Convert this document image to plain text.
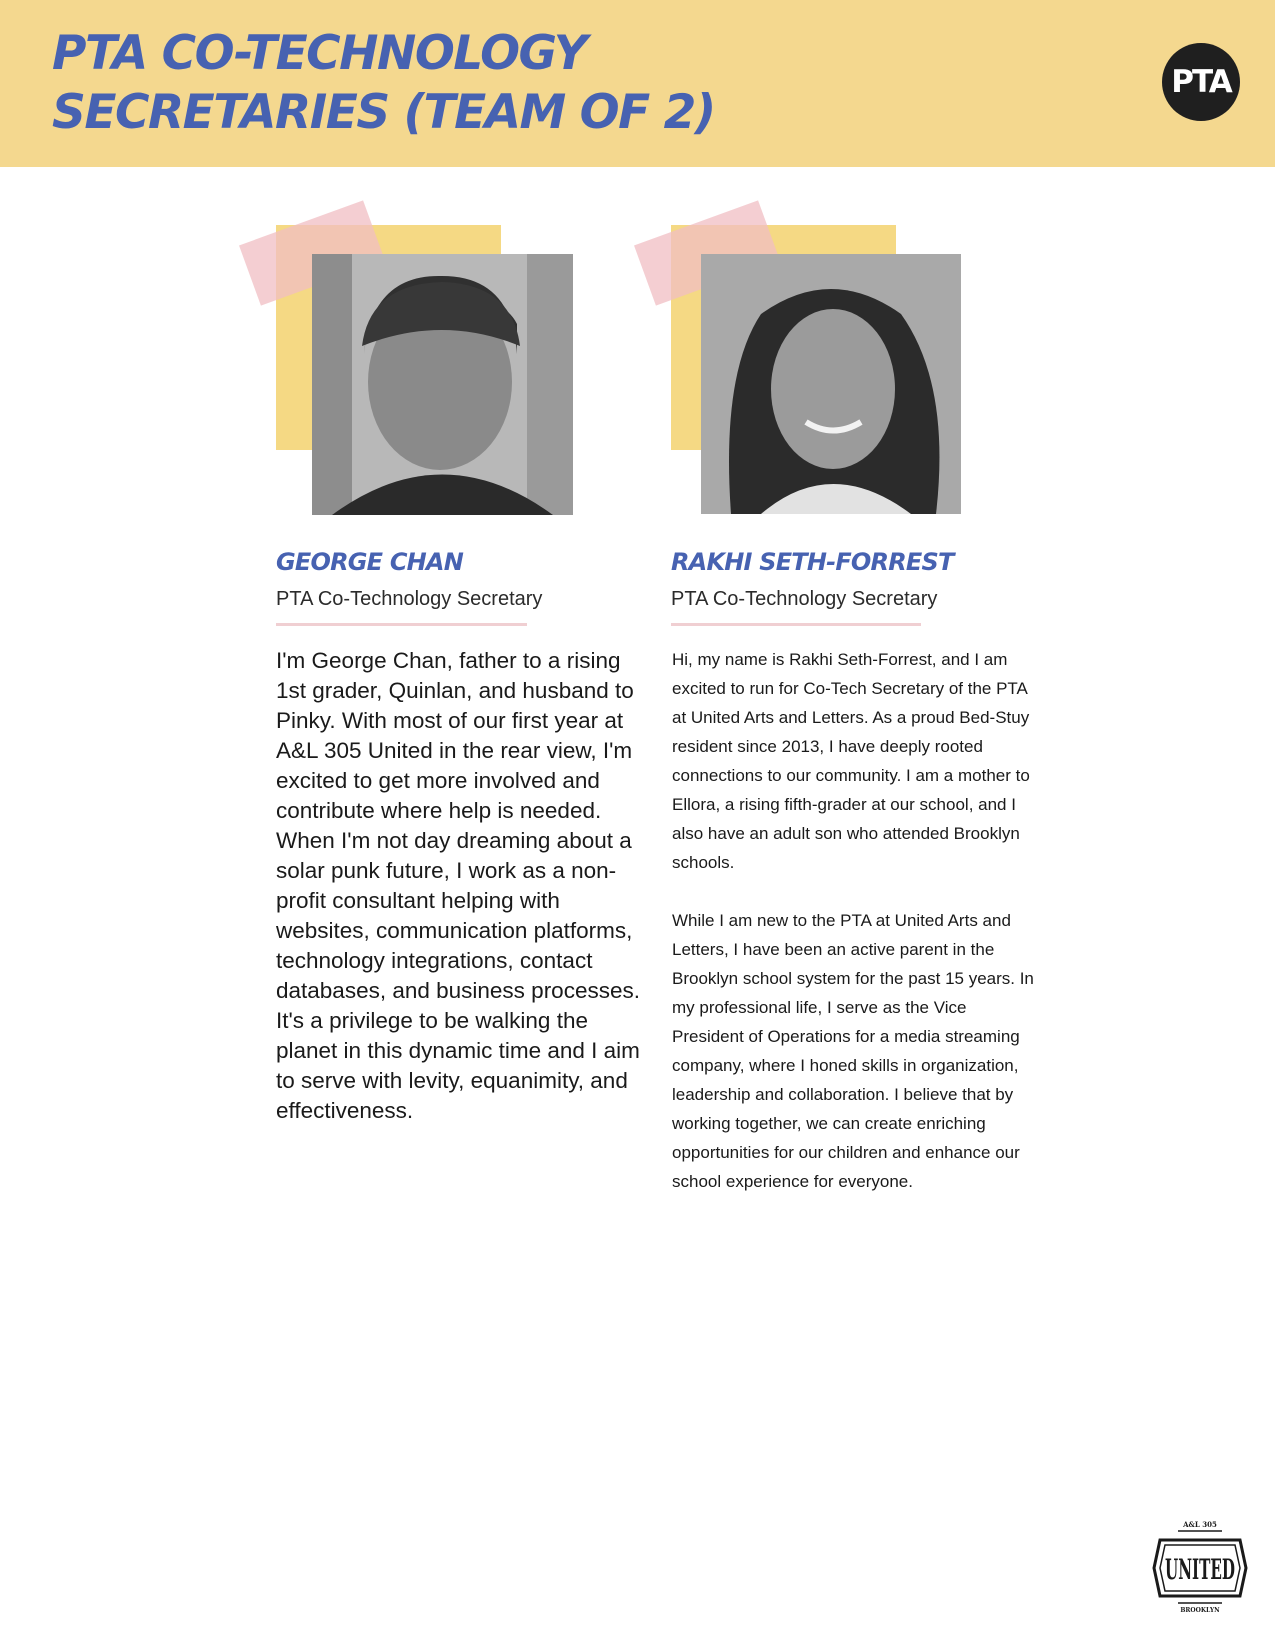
PTA CO-TECHNOLOGY
SECRETARIES (TEAM OF 2)
PTA
GEORGE CHAN
PTA Co-Technology Secretary

I'm George Chan, father to a rising 1st grader, Quinlan, and husband to Pinky. With most of our first year at A&L 305 United in the rear view, I'm excited to get more involved and contribute where help is needed. When I'm not day dreaming about a solar punk future, I work as a non-profit consultant helping with websites, communication platforms, technology integrations, contact databases, and business processes. It's a privilege to be walking the planet in this dynamic time and I aim to serve with levity, equanimity, and effectiveness.

RAKHI SETH-FORREST
PTA Co-Technology Secretary

Hi, my name is Rakhi Seth-Forrest, and I am excited to run for Co-Tech Secretary of the PTA at United Arts and Letters. As a proud Bed-Stuy resident since 2013, I have deeply rooted connections to our community. I am a mother to Ellora, a rising fifth-grader at our school, and I also have an adult son who attended Brooklyn schools.

While I am new to the PTA at United Arts and Letters, I have been an active parent in the Brooklyn school system for the past 15 years. In my professional life, I serve as the Vice President of Operations for a media streaming company, where I honed skills in organization, leadership and collaboration. I believe that by working together, we can create enriching opportunities for our children and enhance our school experience for everyone.

A&L 305
UNITED
BROOKLYN
